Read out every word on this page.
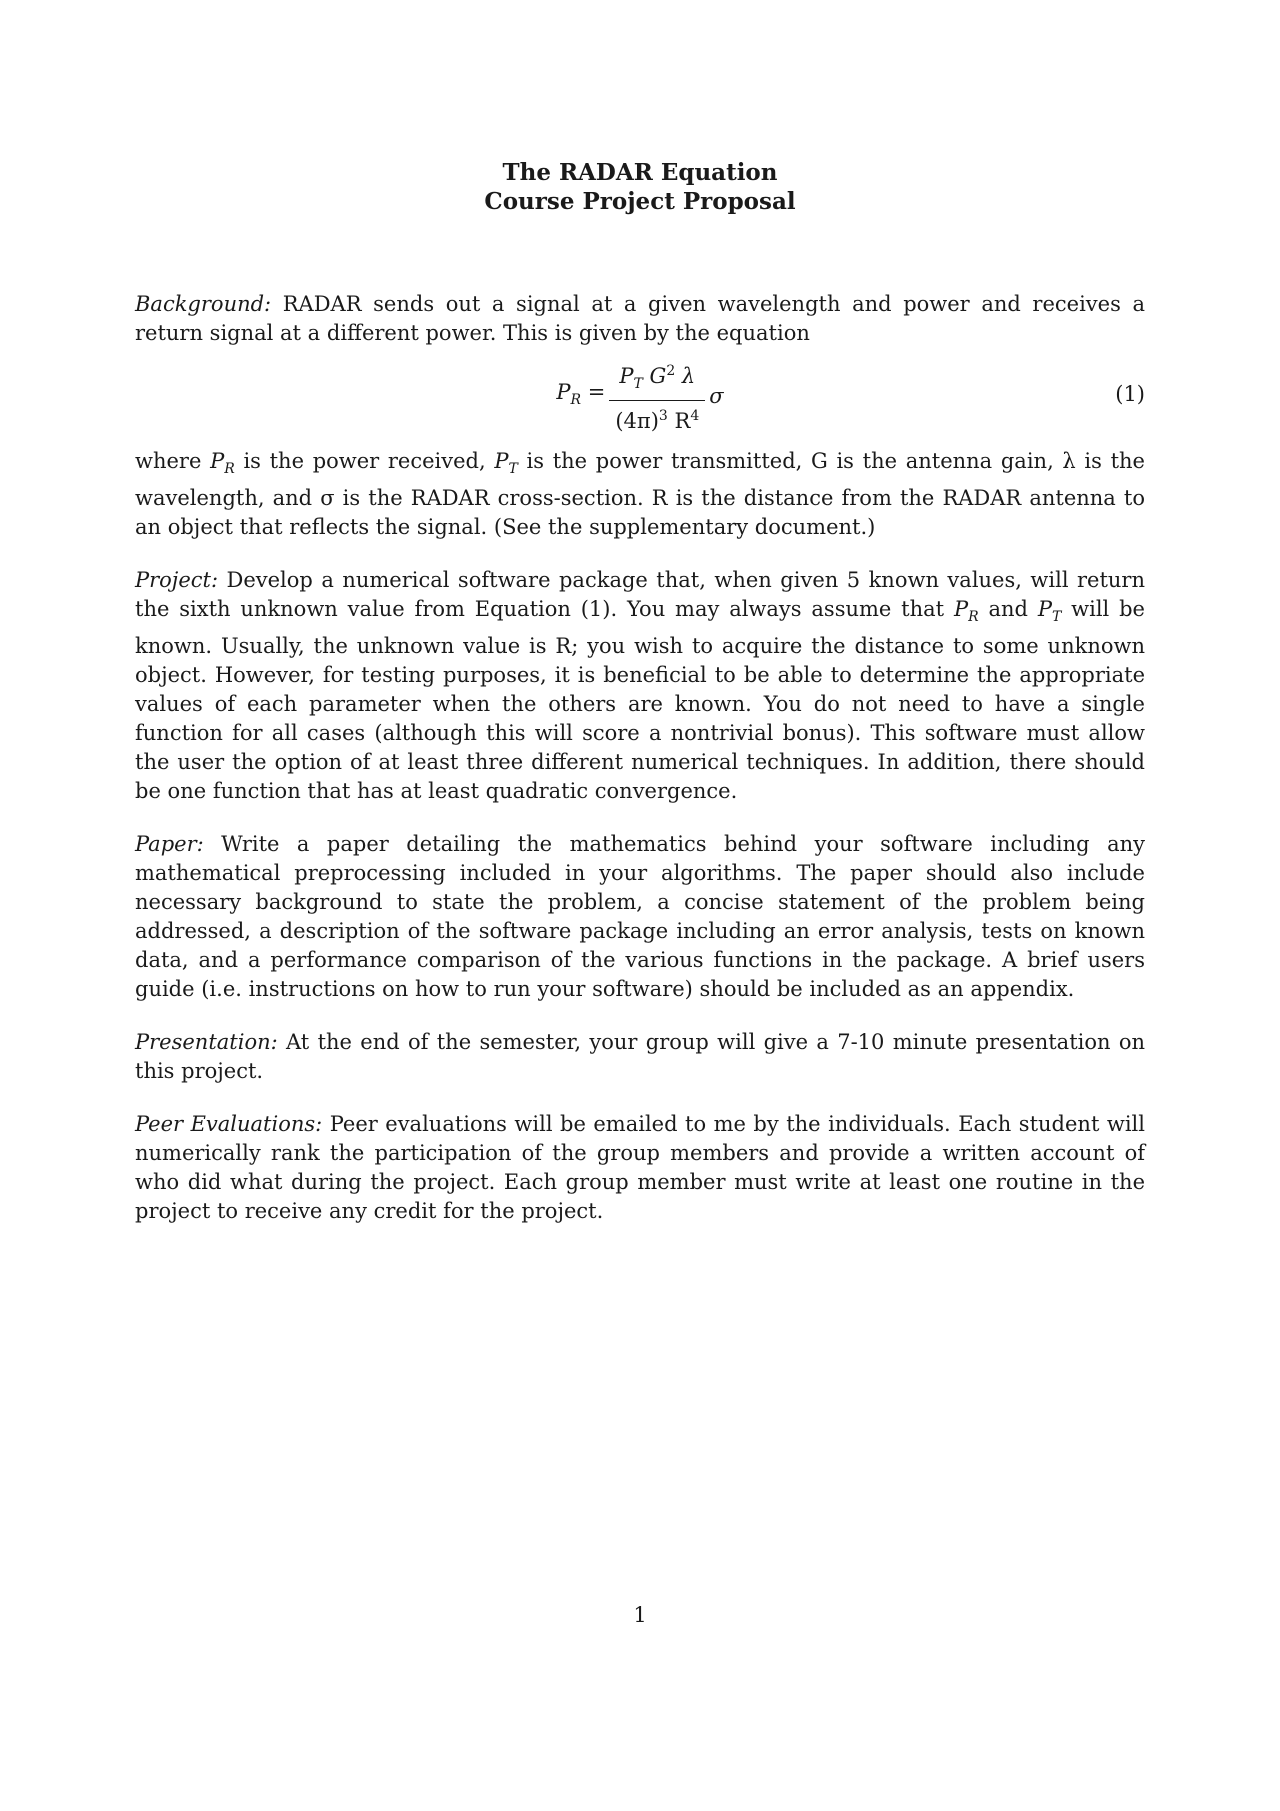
The RADAR Equation
Course Project Proposal

Background: RADAR sends out a signal at a given wavelength and power and receives a return signal at a different power. This is given by the equation

$P_R = \frac{P_T G^2 \lambda}{(4\pi)^3 R^4}$ σ	(1)

where $P_R$ is the power received, $P_T$ is the power transmitted, G is the antenna gain, λ is the wavelength, and σ is the RADAR cross-section. R is the distance from the RADAR antenna to an object that reflects the signal. (See the supplementary document.)

Project: Develop a numerical software package that, when given 5 known values, will return the sixth unknown value from Equation (1). You may always assume that $P_R$ and $P_T$ will be known. Usually, the unknown value is R; you wish to acquire the distance to some unknown object. However, for testing purposes, it is beneficial to be able to determine the appropriate values of each parameter when the others are known. You do not need to have a single function for all cases (although this will score a nontrivial bonus). This software must allow the user the option of at least three different numerical techniques. In addition, there should be one function that has at least quadratic convergence.

Paper: Write a paper detailing the mathematics behind your software including any mathematical preprocessing included in your algorithms. The paper should also include necessary background to state the problem, a concise statement of the problem being addressed, a description of the software package including an error analysis, tests on known data, and a performance comparison of the various functions in the package. A brief users guide (i.e. instructions on how to run your software) should be included as an appendix.

Presentation: At the end of the semester, your group will give a 7-10 minute presentation on this project.

Peer Evaluations: Peer evaluations will be emailed to me by the individuals. Each student will numerically rank the participation of the group members and provide a written account of who did what during the project. Each group member must write at least one routine in the project to receive any credit for the project.

1
